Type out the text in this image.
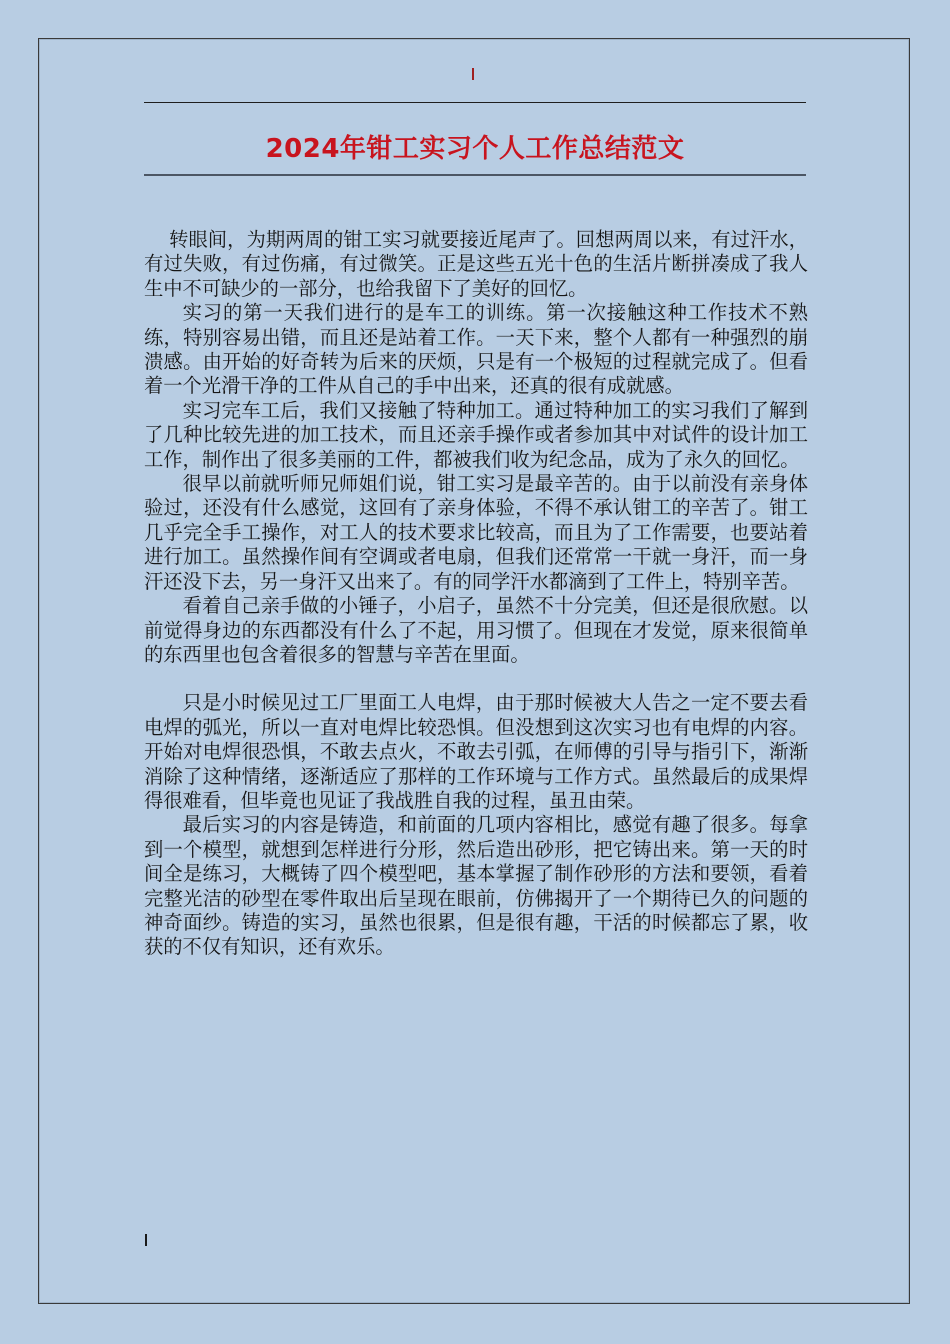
2024年钳工实习个人工作总结范文

转眼间，为期两周的钳工实习就要接近尾声了。回想两周以来，有过汗水，有过失败，有过伤痛，有过微笑。正是这些五光十色的生活片断拼凑成了我人生中不可缺少的一部分，也给我留下了美好的回忆。

实习的第一天我们进行的是车工的训练。第一次接触这种工作技术不熟练，特别容易出错，而且还是站着工作。一天下来，整个人都有一种强烈的崩溃感。由开始的好奇转为后来的厌烦，只是有一个极短的过程就完成了。但看着一个光滑干净的工件从自己的手中出来，还真的很有成就感。

实习完车工后，我们又接触了特种加工。通过特种加工的实习我们了解到了几种比较先进的加工技术，而且还亲手操作或者参加其中对试件的设计加工工作，制作出了很多美丽的工件，都被我们收为纪念品，成为了永久的回忆。

很早以前就听师兄师姐们说，钳工实习是最辛苦的。由于以前没有亲身体验过，还没有什么感觉，这回有了亲身体验，不得不承认钳工的辛苦了。钳工几乎完全手工操作，对工人的技术要求比较高，而且为了工作需要，也要站着进行加工。虽然操作间有空调或者电扇，但我们还常常一干就一身汗，而一身汗还没下去，另一身汗又出来了。有的同学汗水都滴到了工件上，特别辛苦。

看着自己亲手做的小锤子，小启子，虽然不十分完美，但还是很欣慰。以前觉得身边的东西都没有什么了不起，用习惯了。但现在才发觉，原来很简单的东西里也包含着很多的智慧与辛苦在里面。

只是小时候见过工厂里面工人电焊，由于那时候被大人告之一定不要去看电焊的弧光，所以一直对电焊比较恐惧。但没想到这次实习也有电焊的内容。开始对电焊很恐惧，不敢去点火，不敢去引弧，在师傅的引导与指引下，渐渐消除了这种情绪，逐渐适应了那样的工作环境与工作方式。虽然最后的成果焊得很难看，但毕竟也见证了我战胜自我的过程，虽丑由荣。

最后实习的内容是铸造，和前面的几项内容相比，感觉有趣了很多。每拿到一个模型，就想到怎样进行分形，然后造出砂形，把它铸出来。第一天的时间全是练习，大概铸了四个模型吧，基本掌握了制作砂形的方法和要领，看着完整光洁的砂型在零件取出后呈现在眼前，仿佛揭开了一个期待已久的问题的神奇面纱。铸造的实习，虽然也很累，但是很有趣，干活的时候都忘了累，收获的不仅有知识，还有欢乐。
